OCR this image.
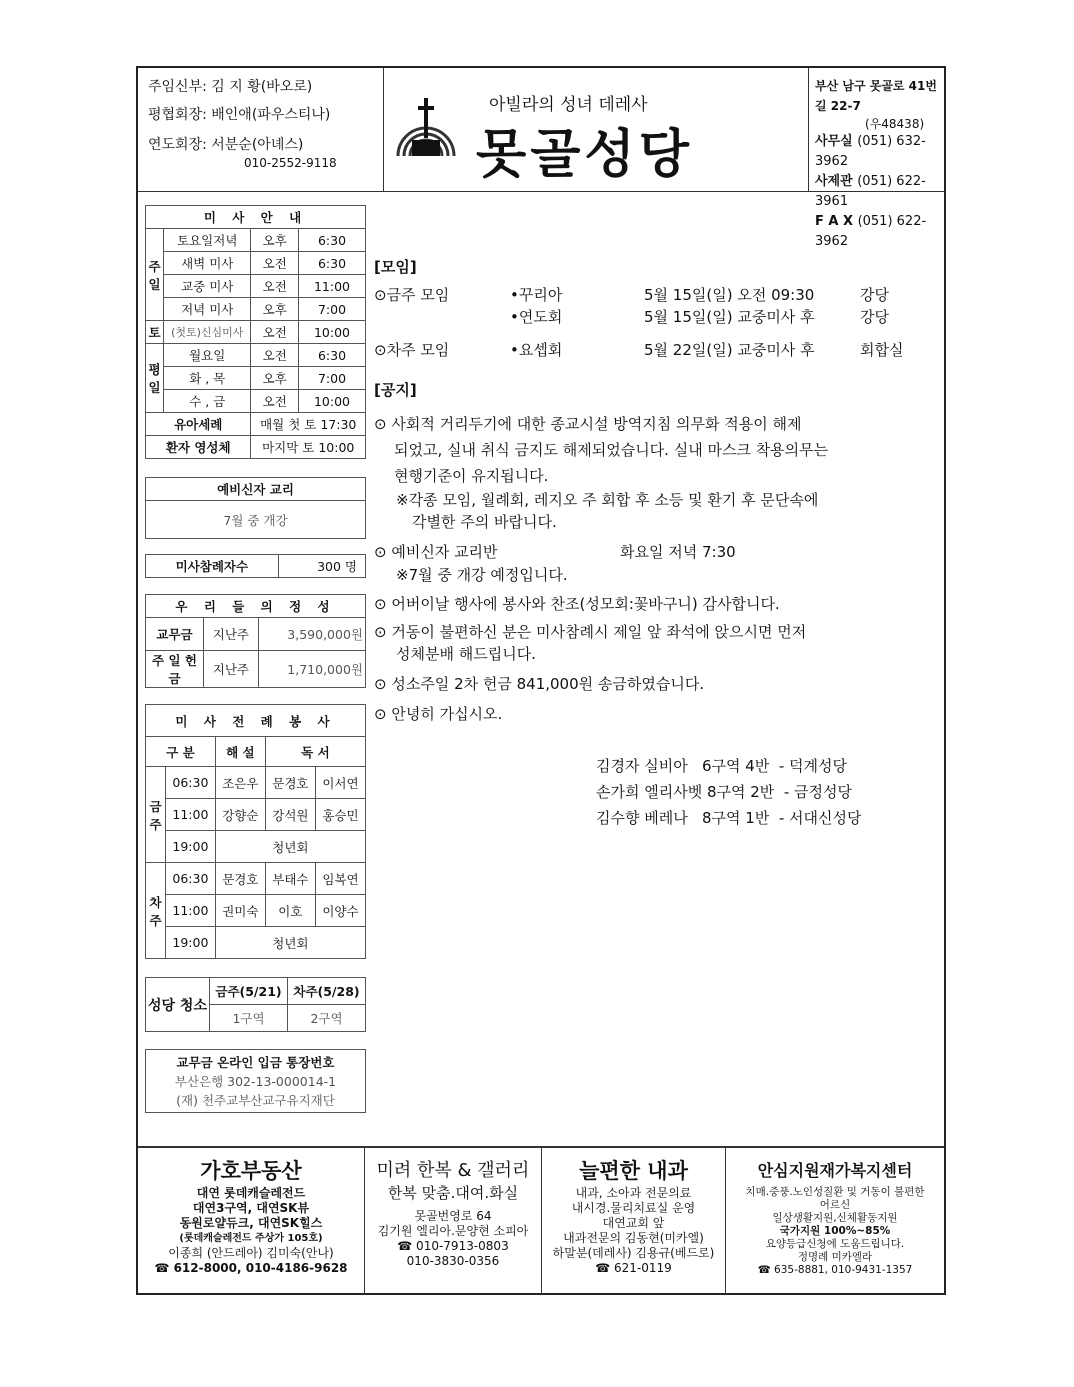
주임신부: 김 지 황(바오로)
평협회장: 배인애(파우스티나)
연도회장: 서분순(아녜스)
010-2552-9118
아빌라의 성녀 데레사
못골성당
부산 남구 못골로 41번길 22-7
(우48438)
사무실 (051) 632-3962
사제관 (051) 622-3961
F A X (051) 622-3962
미 사 안 내			
주일	토요일저녁	오후	6:30
	새벽 미사	오전	6:30
	교중 미사	오전	11:00
	저녁 미사	오후	7:00
토	(첫토)신심미사	오전	10:00
평일	월요일	오전	6:30
	화 , 목	오후	7:00
	수 , 금	오전	10:00
유아세례		매월 첫 토 17:30	
환자 영성체		마지막 토 10:00	
예비신자 교리
7월 중 개강
미사참례자수	300 명
우 리 들 의 정 성		
교무금	지난주	3,590,000원
주 일 헌 금	지난주	1,710,000원
미 사 전 례 봉 사				
구 분		해 설	독 서	
금주	06:30	조은우	문경호	이서연
	11:00	강향순	강석원	홍승민
	19:00	청년회		
차주	06:30	문경호	부태수	임복연
	11:00	권미숙	이호	이양수
	19:00	청년회		
성당 청소	금주(5/21)	차주(5/28)
	1구역	2구역
교무금 온라인 입금 통장번호
부산은행 302-13-000014-1
(재) 천주교부산교구유지재단
[모임]
⊙금주 모임	•꾸리아	5월 15일(일) 오전 09:30	강당
•연도회	5월 15일(일) 교중미사 후	강당
⊙차주 모임	•요셉회	5월 22일(일) 교중미사 후	회합실
[공지]
⊙ 사회적 거리두기에 대한 종교시설 방역지침 의무화 적용이 해제
되었고, 실내 취식 금지도 해제되었습니다. 실내 마스크 착용의무는
현행기준이 유지됩니다.
※각종 모임, 월례회, 레지오 주 회합 후 소등 및 환기 후 문단속에
각별한 주의 바랍니다.
⊙ 예비신자 교리반	화요일 저녁 7:30
※7월 중 개강 예정입니다.
⊙ 어버이날 행사에 봉사와 찬조(성모회:꽃바구니) 감사합니다.
⊙ 거동이 불편하신 분은 미사참례시 제일 앞 좌석에 앉으시면 먼저
성체분배 해드립니다.
⊙ 성소주일 2차 헌금 841,000원 송금하였습니다.
⊙ 안녕히 가십시오.

김경자 실비아   6구역 4반  - 덕계성당
손가희 엘리사벳 8구역 2반  - 금정성당
김수향 베레나   8구역 1반  - 서대신성당

가호부동산
대연 롯데캐슬레전드
대연3구역, 대연SK뷰
동원로얄듀크, 대연SK힐스
(롯데캐슬레전드 주상가 105호)
이종희 (안드레아) 김미숙(안나)
☎ 612-8000, 010-4186-9628
미려 한복 & 갤러리
한복 맞춤.대여.화실
못골번영로 64
김기원 엘리아.문양현 소피아
☎ 010-7913-0803
010-3830-0356
늘편한 내과
내과, 소아과 전문의료
내시경.물리치료실 운영
대연교회 앞
내과전문의 김동현(미카엘)
하말분(데레사) 김용규(베드로)
☎ 621-0119
안심지원재가복지센터
치매.중풍.노인성질환 및 거동이 불편한
어르신
일상생활지원,신체활동지원
국가지원 100%~85%
요양등급신청에 도움드립니다.
정명례 미카엘라
☎ 635-8881, 010-9431-1357
